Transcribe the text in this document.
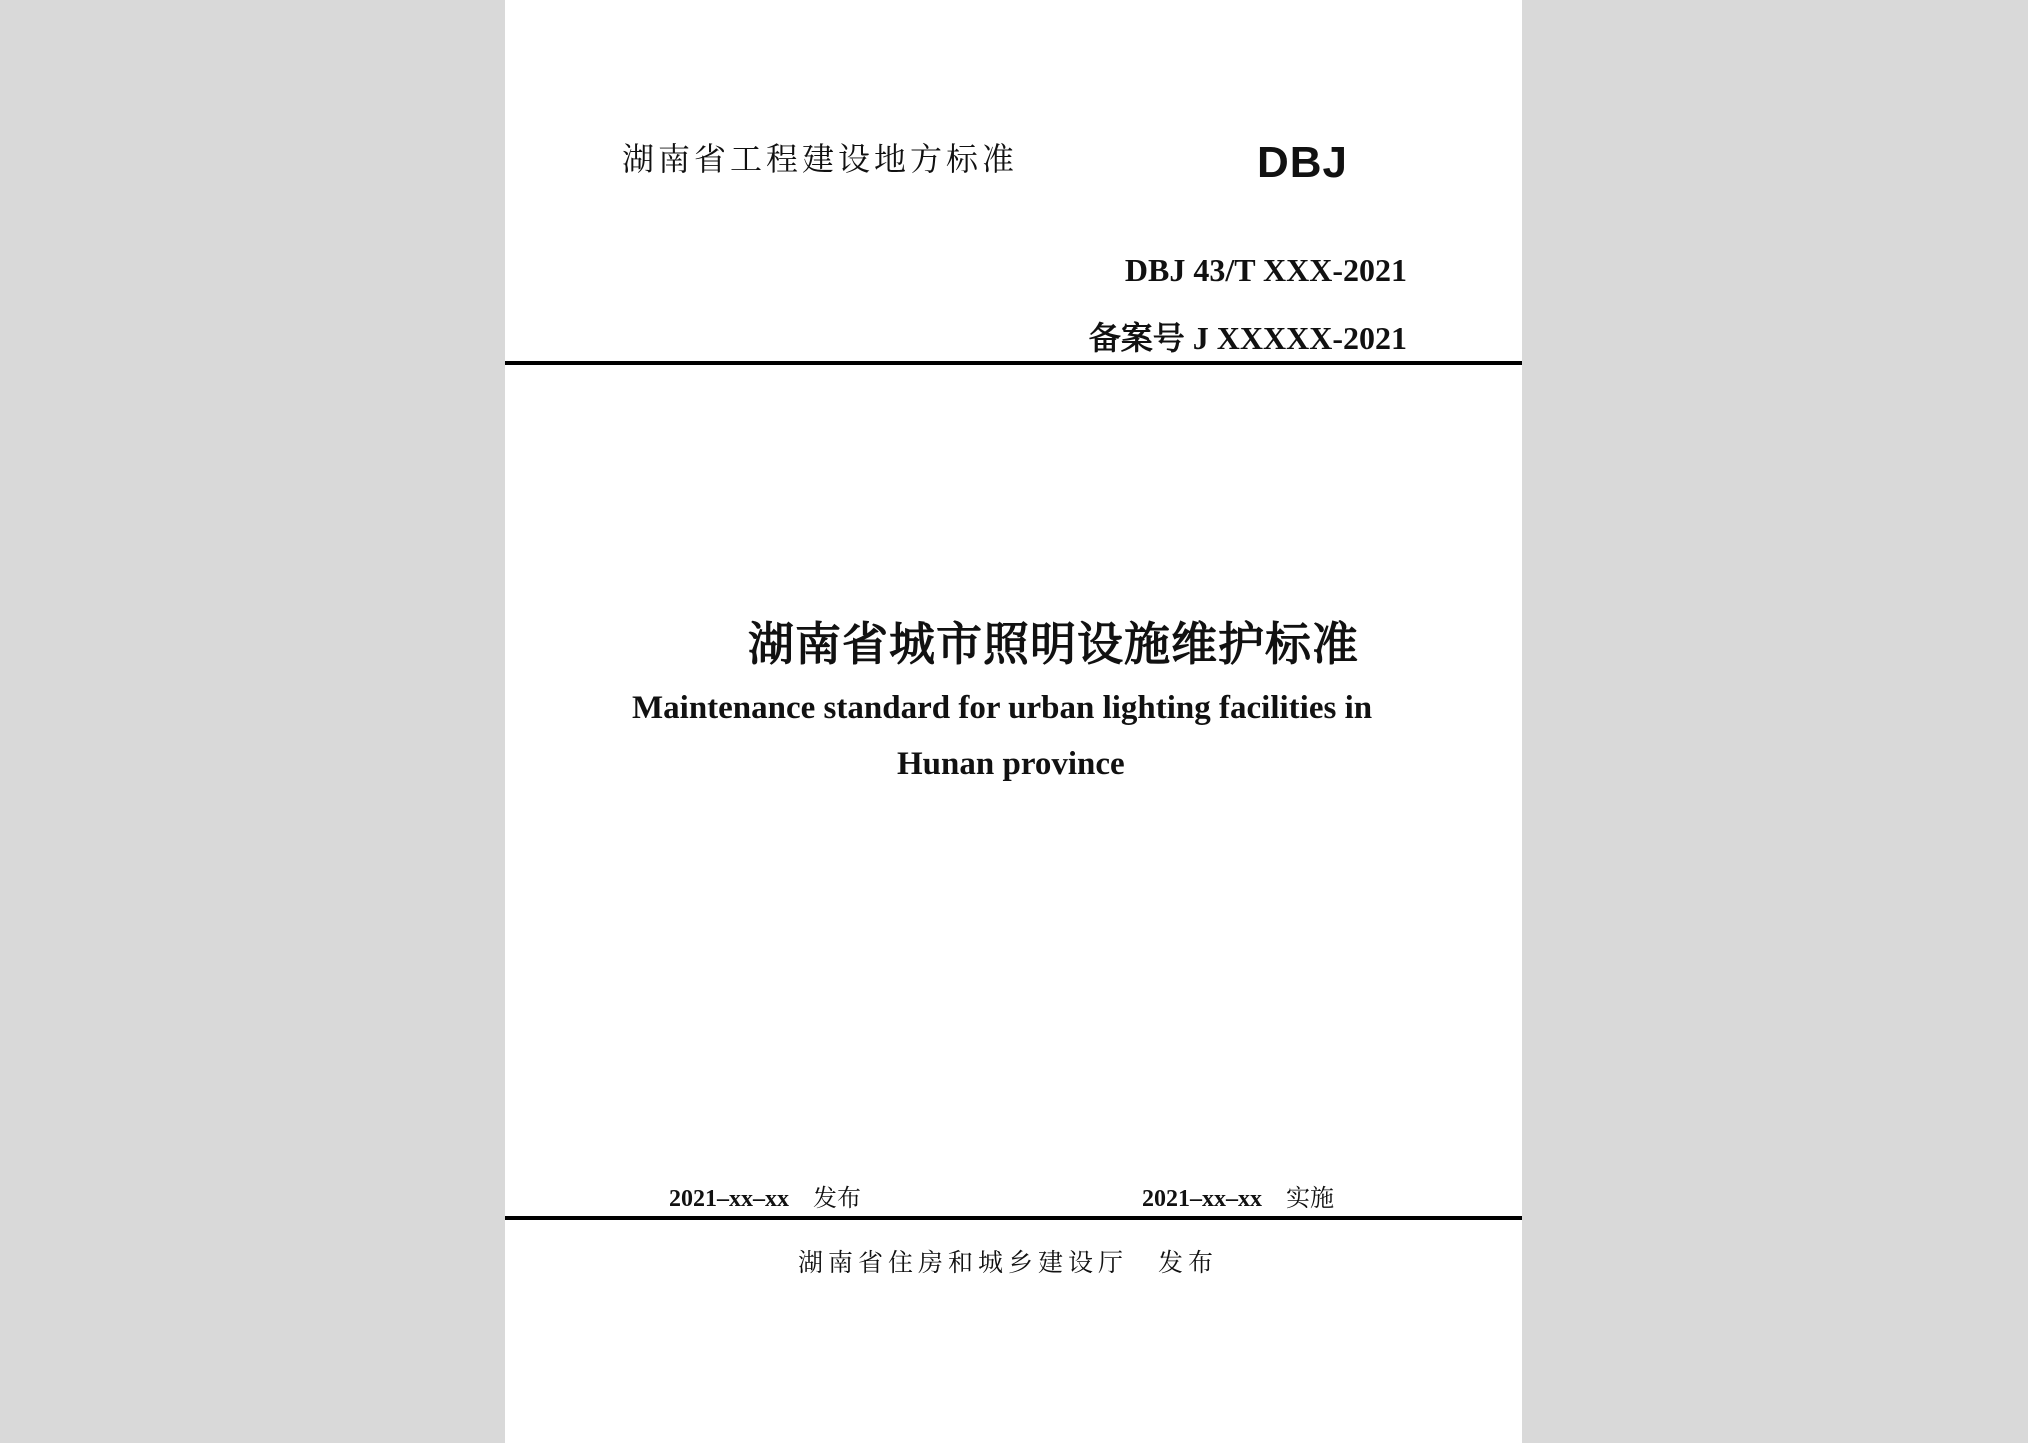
湖南省工程建设地方标准	DBJ
DBJ 43/T XXX-2021
备案号 J XXXXX-2021
湖南省城市照明设施维护标准
Maintenance standard for urban lighting facilities in
Hunan province
2021–xx–xx 发布	2021–xx–xx 实施
湖南省住房和城乡建设厅 发布
